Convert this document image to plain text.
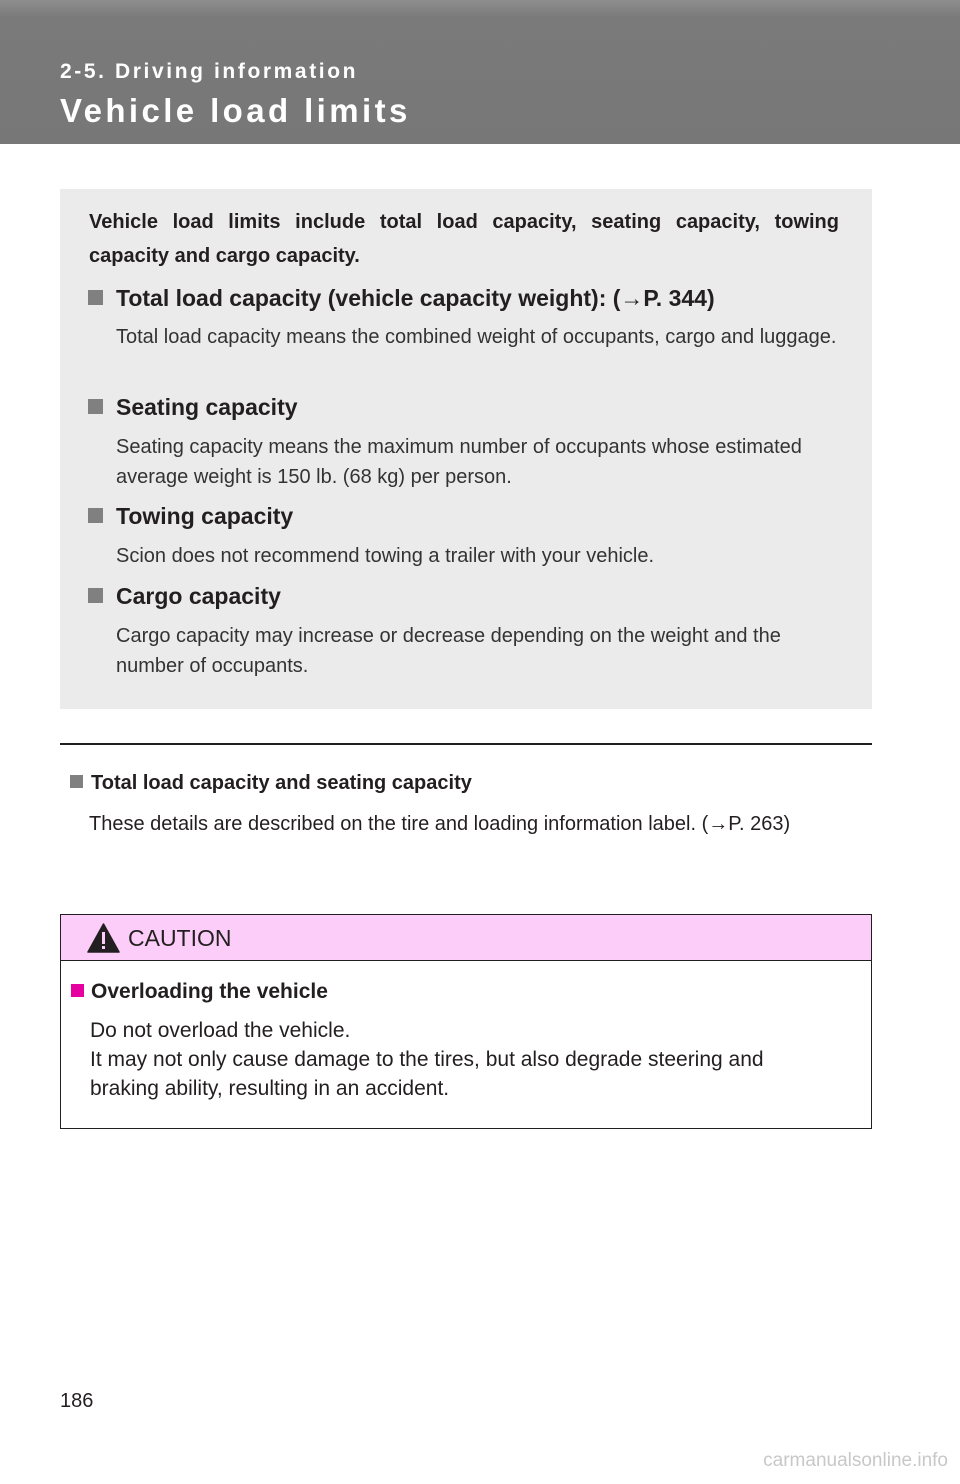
2-5. Driving information
Vehicle load limits
Vehicle load limits include total load capacity, seating capacity, towing capacity and cargo capacity.
Total load capacity (vehicle capacity weight): (→P. 344)
Total load capacity means the combined weight of occupants, cargo and luggage.
Seating capacity
Seating capacity means the maximum number of occupants whose estimated average weight is 150 lb. (68 kg) per person.
Towing capacity
Scion does not recommend towing a trailer with your vehicle.
Cargo capacity
Cargo capacity may increase or decrease depending on the weight and the number of occupants.
Total load capacity and seating capacity
These details are described on the tire and loading information label. (→P. 263)
CAUTION
Overloading the vehicle
Do not overload the vehicle.
It may not only cause damage to the tires, but also degrade steering and
braking ability, resulting in an accident.
186
carmanualsonline.info
